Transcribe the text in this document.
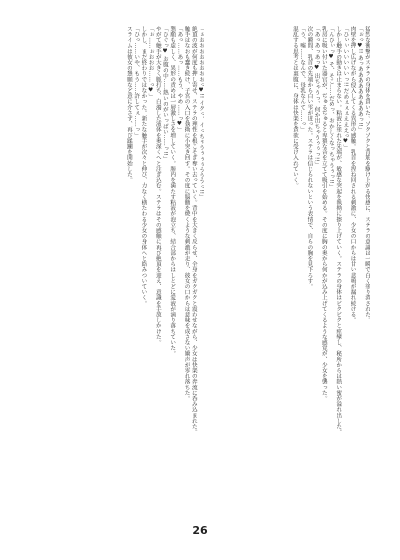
猛烈な衝撃がステラの身体を貫いた。ゾクゾクと背筋を駆け上がる快感に、ステラの意識は一瞬で白く塗り潰された。
「ぉっ♥!! あっあああああああああっ!!」
肉壁を押し広げながら侵入してくる異形の感触。乳首を捏ね回される刺激に、少女の口からは甘い悲鳴が漏れ続ける。
「ひぃぃいいいいいっ!! だめぇぇぇえええっ♥」
しかし触手の動きは止まらない。粘液に塗れた先端が、敏感な突起を執拗に擦り上げていく。ステラの身体はビクビクと痙攣し、秘所からは熱い蜜が溢れ出した。
「んひぃっ♥ そ、そこ……だめっ、おかしくなっちゃうぅっ!!」
乳房に吸い付いた器官が、ぢゅるぢゅると卑猥な音を立てて吸引を始める。その度に胸の奥から何かが込み上げてくるような感覚が、少女を襲った。
「あっあっあっ♥ 出ちゃうっ、何か出ちゃうぅぅっ!!」
次の瞬間、乳首の先端から白い雫が迸った。ステラは信じられないという表情で、自らの胸を見下ろす。
「う、嘘……なんで、母乳なんて……っ」
混乱する思考とは裏腹に、身体は快楽を貪欲に受け入れていく。
「ぉおおおおおおおおっ♥!! イクっ、イっちゃうぅぅぅうううっ!!」
絶頂の波が何度も押し寄せ、ステラの理性を根こそぎ奪い去っていく。背中を大きく反らせ、全身をガクガクと震わせながら、少女は快楽の奔流に呑み込まれた。
触手はなおも蠢き続け、子宮の入口を執拗に小突き回す。その度に脳髄を焼くような刺激が走り、彼女の口からは意味を成さない嬌声が零れ落ちた。
「あっ……あっ……もう、やめ……っ♥」
懇願も虚しく、異形の責めは一層激しさを増していく。膣内を満たす粘液が泡立ち、結合部からはしとどに愛液が滴り落ちていた。
「ひぐっ♥ お腹の中……熱いのがいっぱい……っ!!」
やがて触手が大きく脈打ち、白濁した液体を奥深くへと注ぎ込む。ステラはその感触に再び絶頂を迎え、意識を手放しかけた。
「ぉ……ぉおおお……っ♥」
しかし、まだ終わりではなかった。新たな触手が次々と伸び、力なく横たわる少女の身体へと絡みついていく。
「ひっ……いや、もう……許してぇ……っ」
スライムは彼女の懇願など意に介さず、再び蹂躙を開始した。
26
